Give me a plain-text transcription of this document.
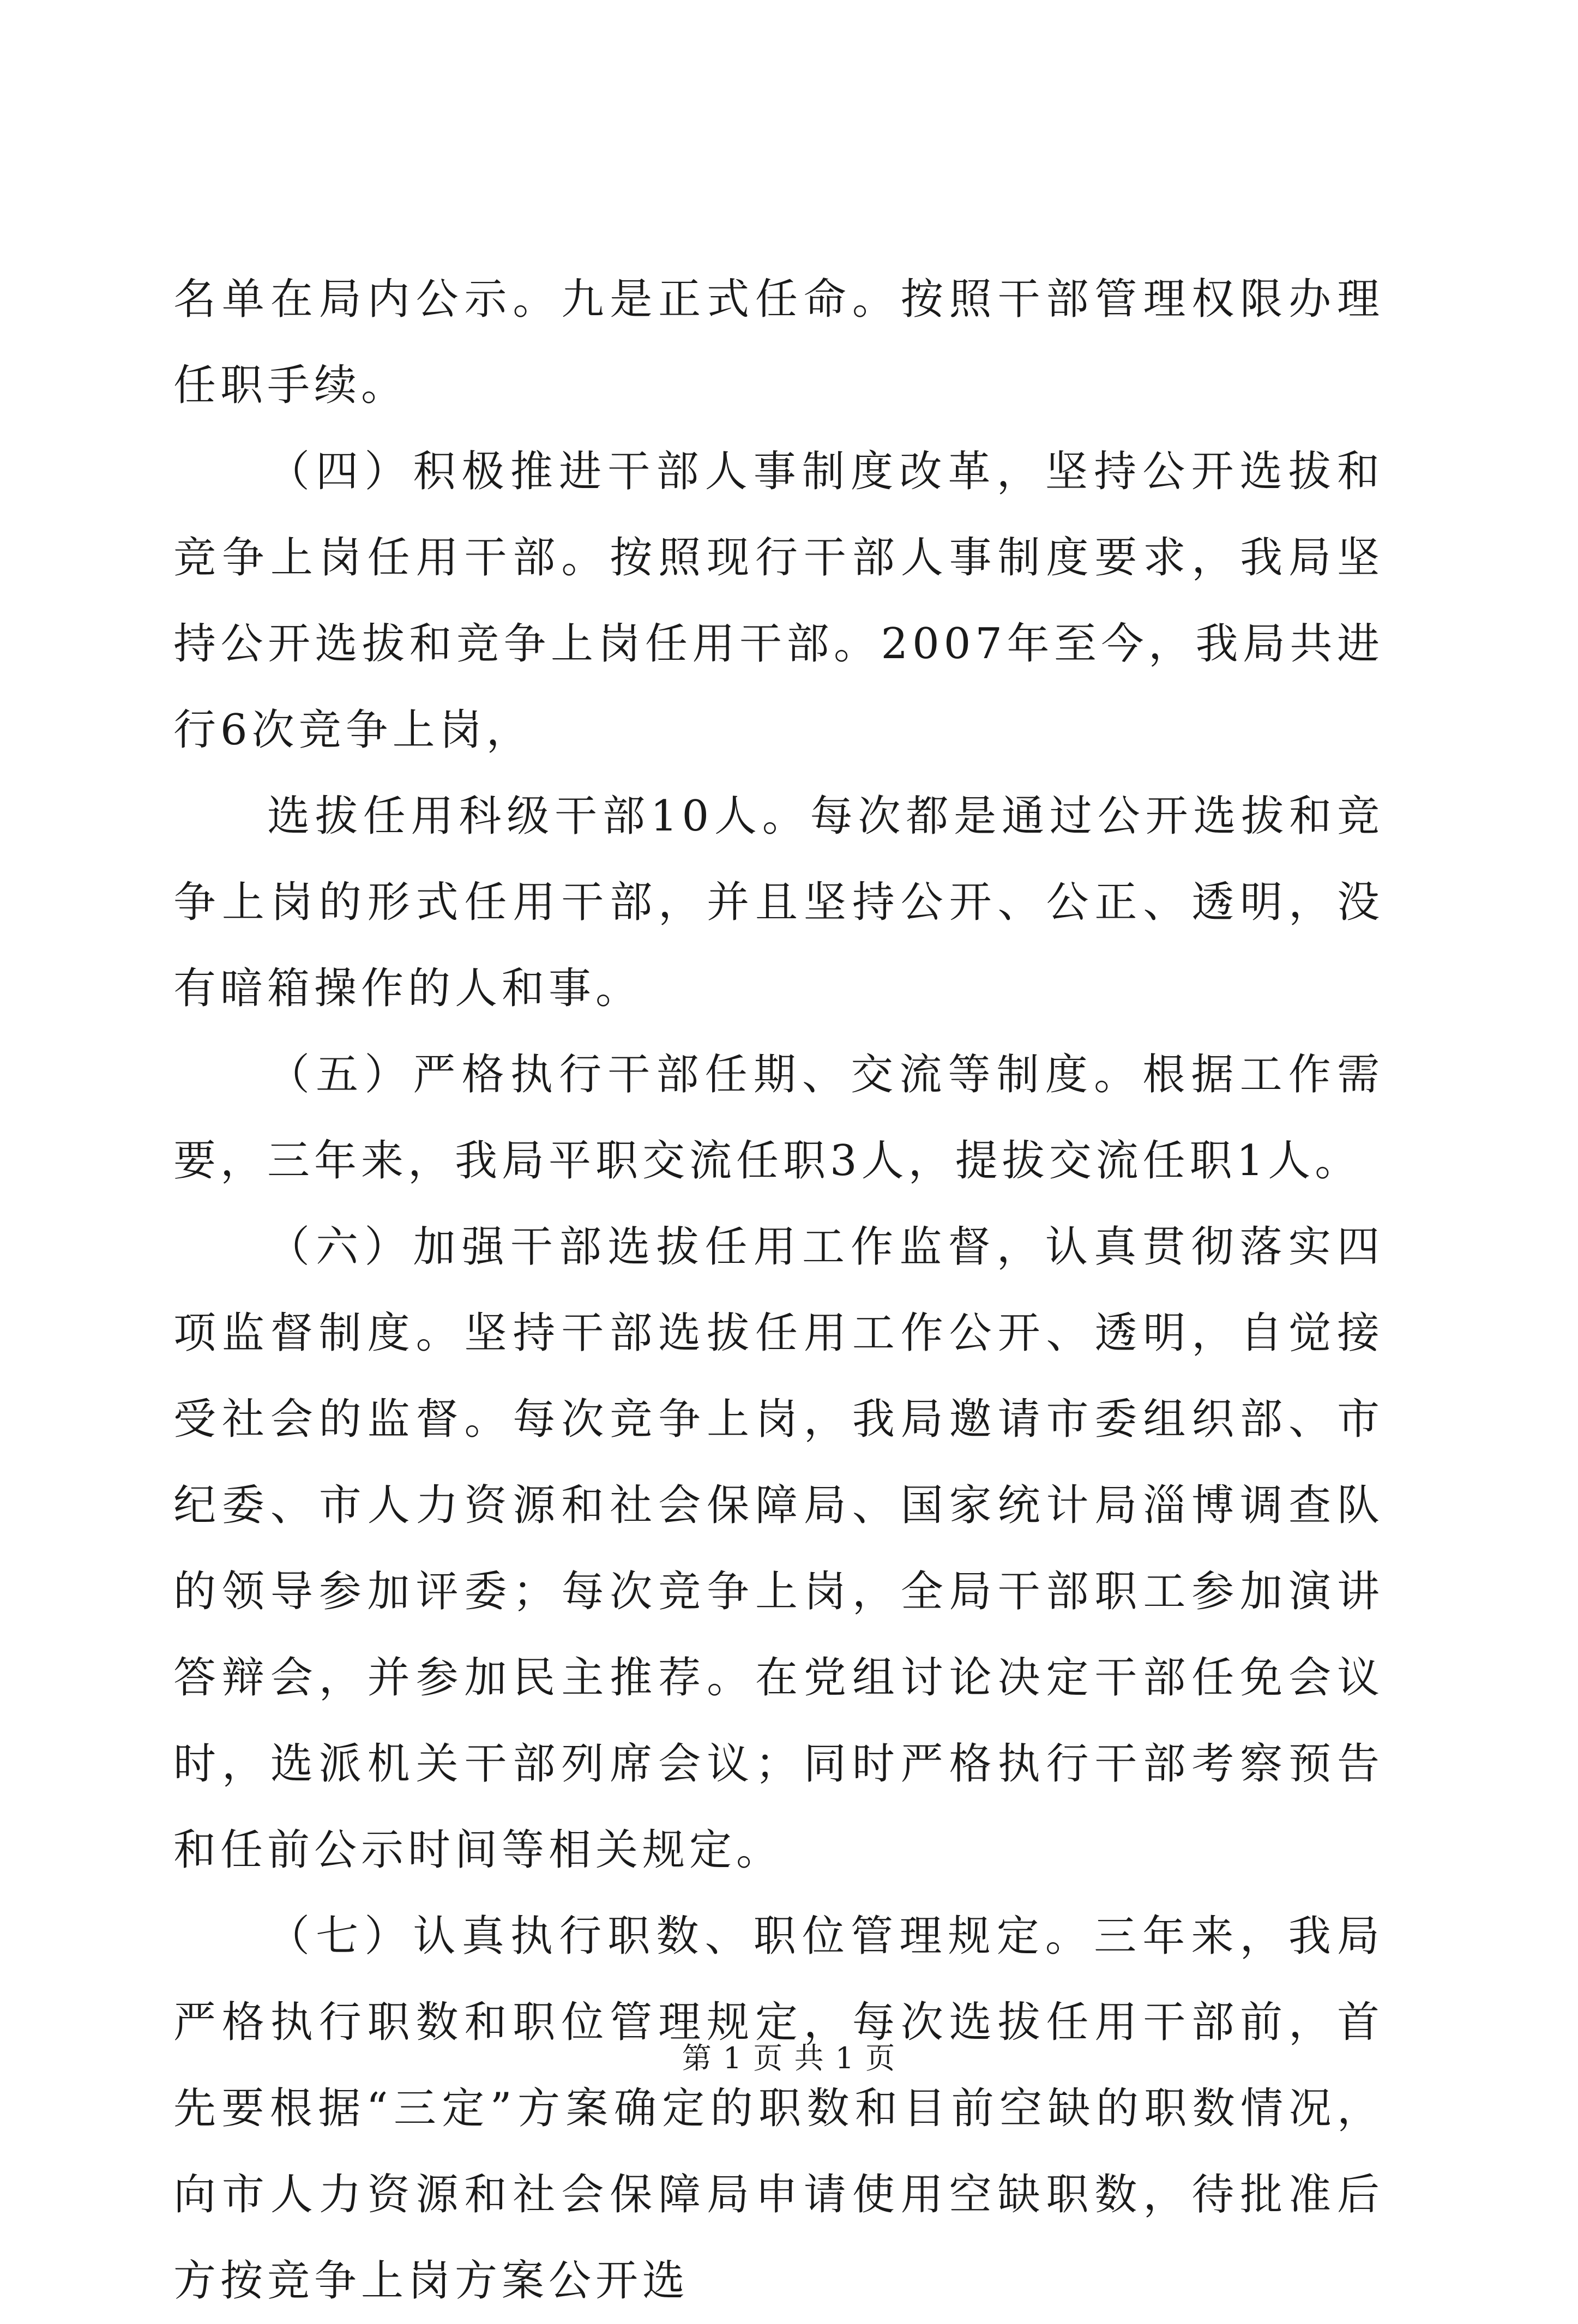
名单在局内公示。九是正式任命。按照干部管理权限办理任职手续。

（四）积极推进干部人事制度改革，坚持公开选拔和竞争上岗任用干部。按照现行干部人事制度要求，我局坚持公开选拔和竞争上岗任用干部。2007年至今，我局共进行6次竞争上岗，

选拔任用科级干部10人。每次都是通过公开选拔和竞争上岗的形式任用干部，并且坚持公开、公正、透明，没有暗箱操作的人和事。

（五）严格执行干部任期、交流等制度。根据工作需要，三年来，我局平职交流任职3人，提拔交流任职1人。

（六）加强干部选拔任用工作监督，认真贯彻落实四项监督制度。坚持干部选拔任用工作公开、透明，自觉接受社会的监督。每次竞争上岗，我局邀请市委组织部、市纪委、市人力资源和社会保障局、国家统计局淄博调查队的领导参加评委；每次竞争上岗，全局干部职工参加演讲答辩会，并参加民主推荐。在党组讨论决定干部任免会议时，选派机关干部列席会议；同时严格执行干部考察预告和任前公示时间等相关规定。

（七）认真执行职数、职位管理规定。三年来，我局严格执行职数和职位管理规定，每次选拔任用干部前，首先要根据“三定”方案确定的职数和目前空缺的职数情况，向市人力资源和社会保障局申请使用空缺职数，待批准后方按竞争上岗方案公开选

第 1 页 共 1 页
